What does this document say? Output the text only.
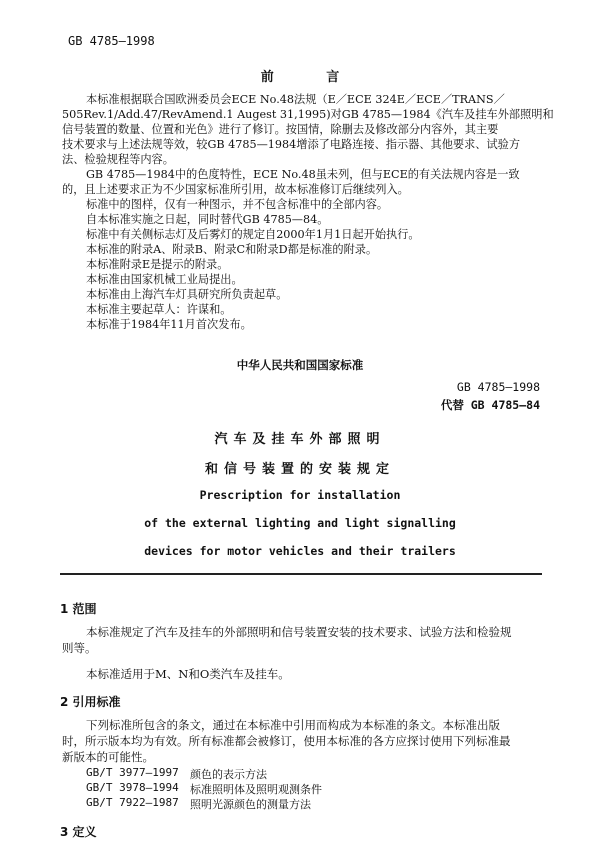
GB 4785—1998
前 言
本标准根据联合国欧洲委员会ECE No.48法规（E／ECE 324E／ECE／TRANS／
505Rev.1/Add.47/RevAmend.1 Augest 31,1995)对GB 4785—1984《汽车及挂车外部照明和
信号装置的数量、位置和光色》进行了修订。按国情，除删去及修改部分内容外，其主要
技术要求与上述法规等效，较GB 4785—1984增添了电路连接、指示器、其他要求、试验方
法、检验规程等内容。
GB 4785—1984中的色度特性，ECE No.48虽未列，但与ECE的有关法规内容是一致
的，且上述要求正为不少国家标准所引用，故本标准修订后继续列入。
标准中的图样，仅有一种图示，并不包含标准中的全部内容。
自本标准实施之日起，同时替代GB 4785—84。
标准中有关侧标志灯及后雾灯的规定自2000年1月1日起开始执行。
本标准的附录A、附录B、附录C和附录D都是标准的附录。
本标准附录E是提示的附录。
本标准由国家机械工业局提出。
本标准由上海汽车灯具研究所负责起草。
本标准主要起草人：许谋和。
本标准于1984年11月首次发布。
中华人民共和国国家标准
GB 4785—1998
代替 GB 4785—84
汽车及挂车外部照明
和信号装置的安装规定
Prescription for installation
of the external lighting and light signalling
devices for motor vehicles and their trailers
1 范围
本标准规定了汽车及挂车的外部照明和信号装置安装的技术要求、试验方法和检验规
则等。
本标准适用于M、N和O类汽车及挂车。
2 引用标准
下列标准所包含的条文，通过在本标准中引用而构成为本标准的条文。本标准出版
时，所示版本均为有效。所有标准都会被修订，使用本标准的各方应探讨使用下列标准最
新版本的可能性。
GB/T 3977—1997 颜色的表示方法
GB/T 3978—1994 标准照明体及照明观测条件
GB/T 7922—1987 照明光源颜色的测量方法
3 定义
